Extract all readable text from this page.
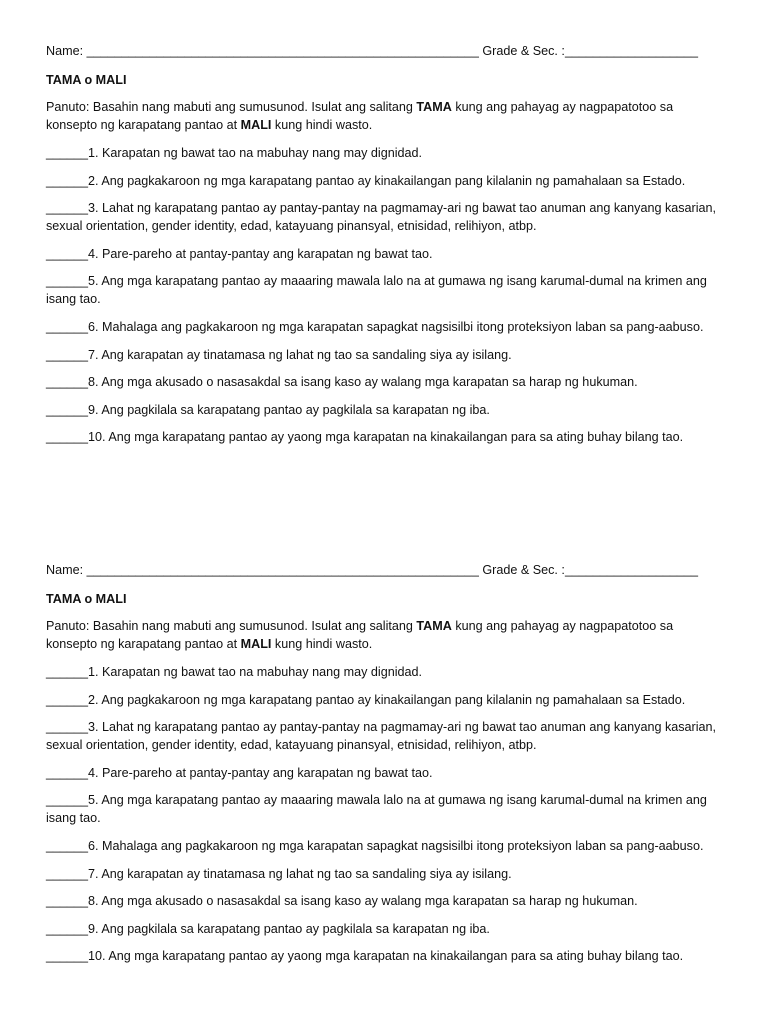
Name: ________________________________________________________ Grade & Sec. :___________________
TAMA o MALI
Panuto: Basahin nang mabuti ang sumusunod. Isulat ang salitang TAMA kung ang pahayag ay nagpapatotoo sa konsepto ng karapatang pantao at MALI kung hindi wasto.
______1. Karapatan ng bawat tao na mabuhay nang may dignidad.
______2. Ang pagkakaroon ng mga karapatang pantao ay kinakailangan pang kilalanin ng pamahalaan sa Estado.
______3. Lahat ng karapatang pantao ay pantay-pantay na pagmamay-ari ng bawat tao anuman ang kanyang kasarian, sexual orientation, gender identity, edad, katayuang pinansyal, etnisidad, relihiyon, atbp.
______4. Pare-pareho at pantay-pantay ang karapatan ng bawat tao.
______5. Ang mga karapatang pantao ay maaaring mawala lalo na at gumawa ng isang karumal-dumal na krimen ang isang tao.
______6. Mahalaga ang pagkakaroon ng mga karapatan sapagkat nagsisilbi itong proteksiyon laban sa pang-aabuso.
______7. Ang karapatan ay tinatamasa ng lahat ng tao sa sandaling siya ay isilang.
______8. Ang mga akusado o nasasakdal sa isang kaso ay walang mga karapatan sa harap ng hukuman.
______9. Ang pagkilala sa karapatang pantao ay pagkilala sa karapatan ng iba.
______10. Ang mga karapatang pantao ay yaong mga karapatan na kinakailangan para sa ating buhay bilang tao.
Name: ________________________________________________________ Grade & Sec. :___________________
TAMA o MALI
Panuto: Basahin nang mabuti ang sumusunod. Isulat ang salitang TAMA kung ang pahayag ay nagpapatotoo sa konsepto ng karapatang pantao at MALI kung hindi wasto.
______1. Karapatan ng bawat tao na mabuhay nang may dignidad.
______2. Ang pagkakaroon ng mga karapatang pantao ay kinakailangan pang kilalanin ng pamahalaan sa Estado.
______3. Lahat ng karapatang pantao ay pantay-pantay na pagmamay-ari ng bawat tao anuman ang kanyang kasarian, sexual orientation, gender identity, edad, katayuang pinansyal, etnisidad, relihiyon, atbp.
______4. Pare-pareho at pantay-pantay ang karapatan ng bawat tao.
______5. Ang mga karapatang pantao ay maaaring mawala lalo na at gumawa ng isang karumal-dumal na krimen ang isang tao.
______6. Mahalaga ang pagkakaroon ng mga karapatan sapagkat nagsisilbi itong proteksiyon laban sa pang-aabuso.
______7. Ang karapatan ay tinatamasa ng lahat ng tao sa sandaling siya ay isilang.
______8. Ang mga akusado o nasasakdal sa isang kaso ay walang mga karapatan sa harap ng hukuman.
______9. Ang pagkilala sa karapatang pantao ay pagkilala sa karapatan ng iba.
______10. Ang mga karapatang pantao ay yaong mga karapatan na kinakailangan para sa ating buhay bilang tao.
